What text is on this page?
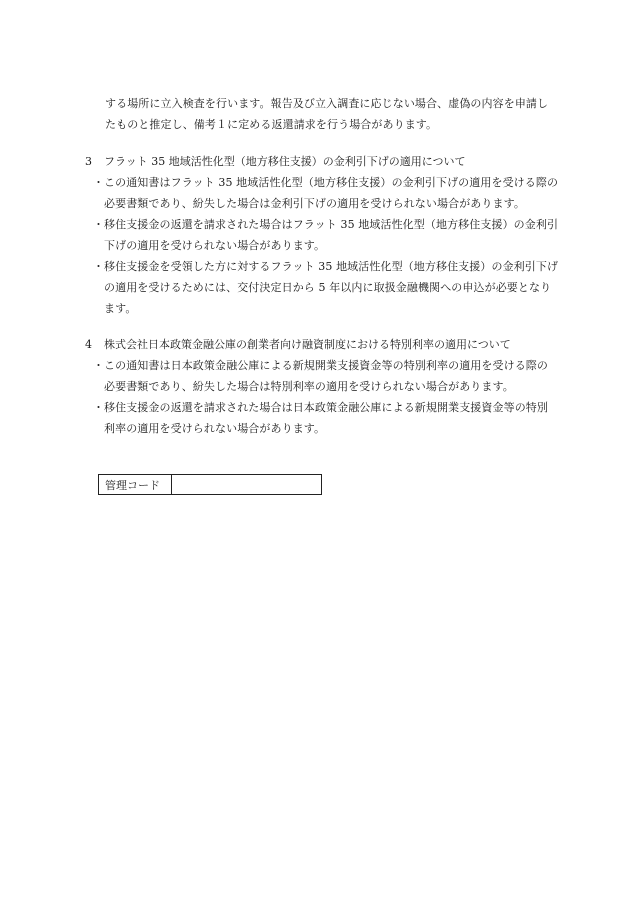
する場所に立入検査を行います。報告及び立入調査に応じない場合、虚偽の内容を申請し
たものと推定し、備考１に定める返還請求を行う場合があります。
3 フラット 35 地域活性化型（地方移住支援）の金利引下げの適用について
・ この通知書はフラット 35 地域活性化型（地方移住支援）の金利引下げの適用を受ける際の
必要書類であり、紛失した場合は金利引下げの適用を受けられない場合があります。
・ 移住支援金の返還を請求された場合はフラット 35 地域活性化型（地方移住支援）の金利引
下げの適用を受けられない場合があります。
・ 移住支援金を受領した方に対するフラット 35 地域活性化型（地方移住支援）の金利引下げ
の適用を受けるためには、交付決定日から 5 年以内に取扱金融機関への申込が必要となり
ます。
4 株式会社日本政策金融公庫の創業者向け融資制度における特別利率の適用について
・ この通知書は日本政策金融公庫による新規開業支援資金等の特別利率の適用を受ける際の
必要書類であり、紛失した場合は特別利率の適用を受けられない場合があります。
・ 移住支援金の返還を請求された場合は日本政策金融公庫による新規開業支援資金等の特別
利率の適用を受けられない場合があります。
管理コード	
